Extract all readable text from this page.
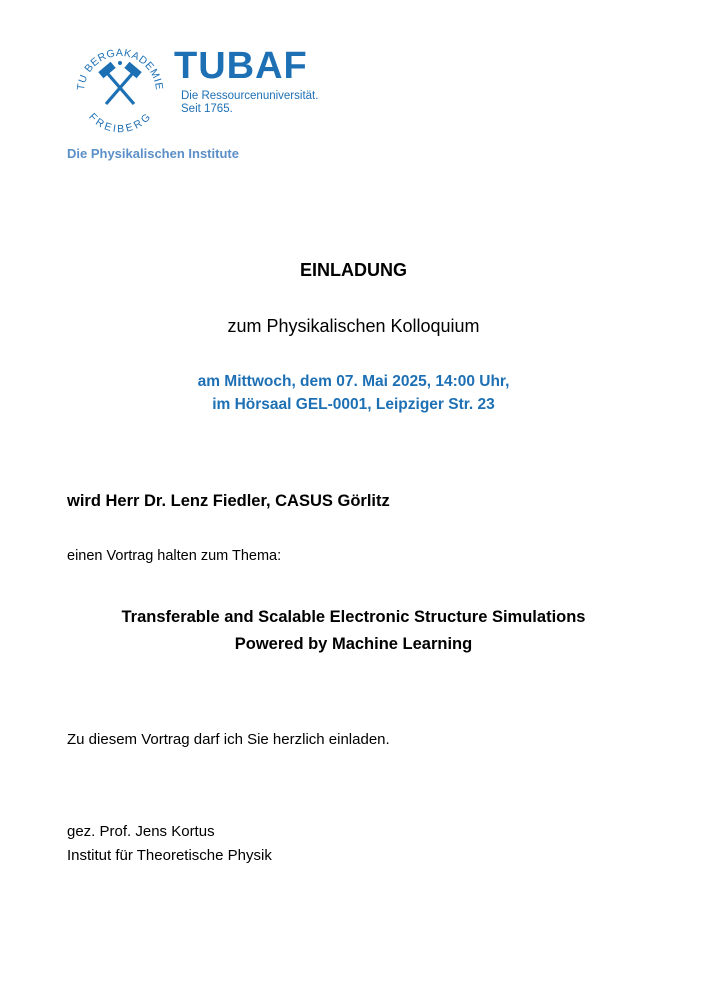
TU BERGAKADEMIE
FREIBERG
TUBAF
Die Ressourcenuniversität.
Seit 1765.
Die Physikalischen Institute
EINLADUNG
zum Physikalischen Kolloquium
am Mittwoch, dem 07. Mai 2025, 14:00 Uhr,
im Hörsaal GEL-0001, Leipziger Str. 23
wird Herr Dr. Lenz Fiedler, CASUS Görlitz
einen Vortrag halten zum Thema:
Transferable and Scalable Electronic Structure Simulations
Powered by Machine Learning
Zu diesem Vortrag darf ich Sie herzlich einladen.
gez. Prof. Jens Kortus
Institut für Theoretische Physik
